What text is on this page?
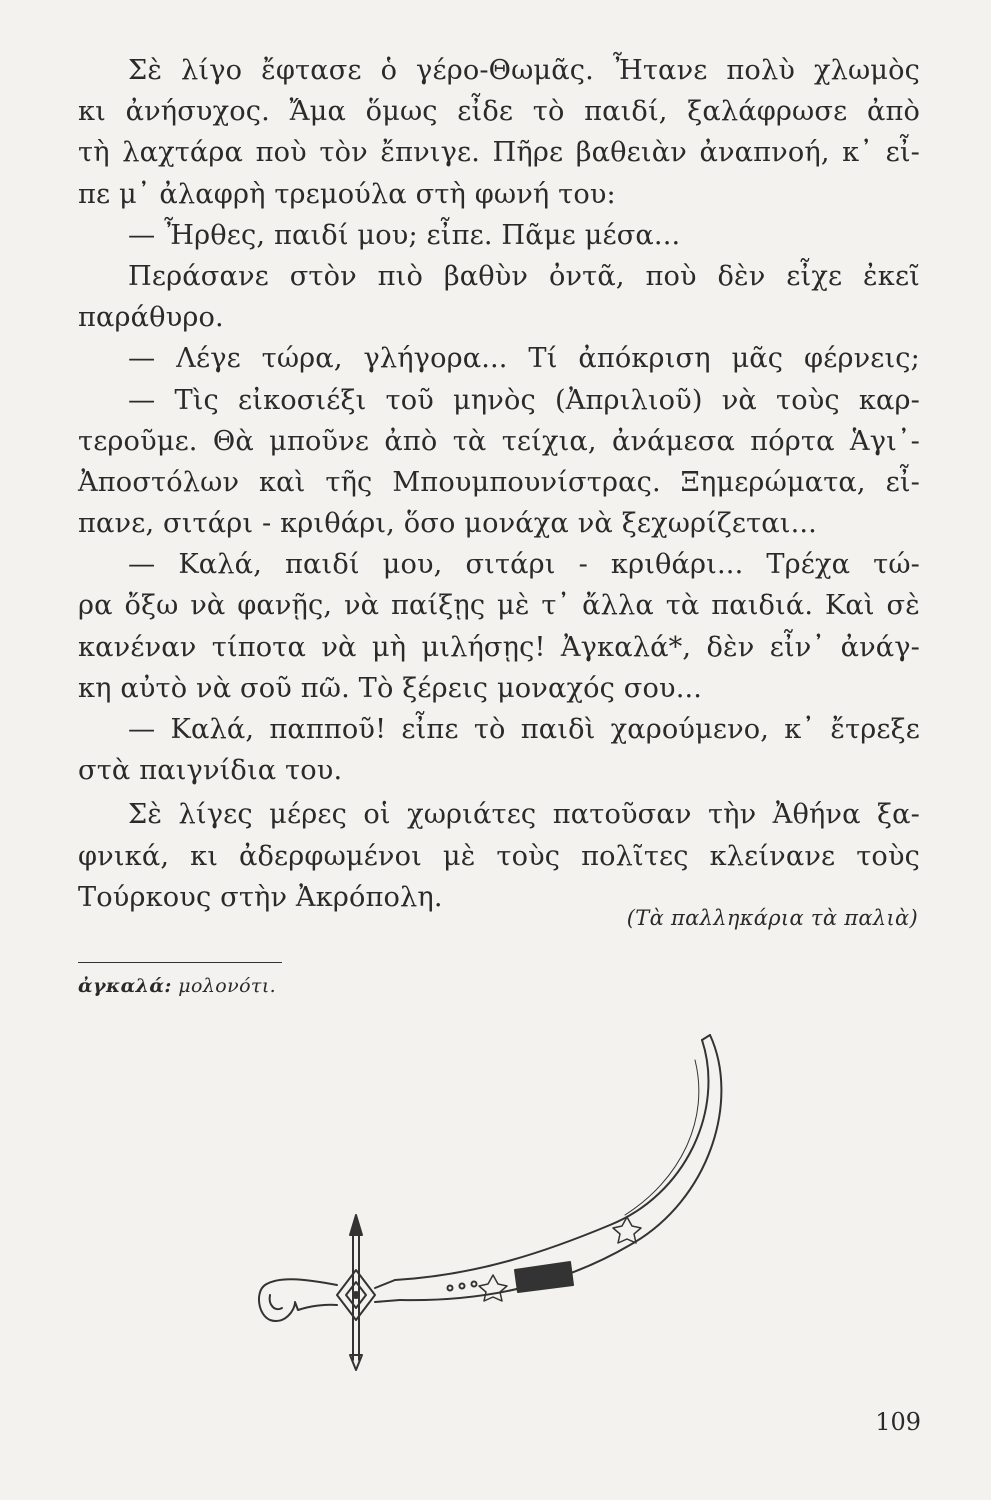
Σὲ λίγο ἔφτασε ὁ γέρο-Θωμᾶς. Ἦτανε πολὺ χλωμὸς
κι ἀνήσυχος. Ἄμα ὅμως εἶδε τὸ παιδί, ξαλάφρωσε ἀπὸ
τὴ λαχτάρα ποὺ τὸν ἔπνιγε. Πῆρε βαθειὰν ἀναπνοή, κ᾽ εἶ-
πε μ᾽ ἀλαφρὴ τρεμούλα στὴ φωνή του:
— Ἦρθες, παιδί μου; εἶπε. Πᾶμε μέσα...
Περάσανε στὸν πιὸ βαθὺν ὀντᾶ, ποὺ δὲν εἶχε ἐκεῖ
παράθυρο.
— Λέγε τώρα, γλήγορα... Τί ἀπόκριση μᾶς φέρνεις;
— Τὶς εἰκοσιέξι τοῦ μηνὸς (Ἀπριλιοῦ) νὰ τοὺς καρ-
τεροῦμε. Θὰ μποῦνε ἀπὸ τὰ τείχια, ἀνάμεσα πόρτα Ἁγι᾽-
Ἀποστόλων καὶ τῆς Μπουμπουνίστρας. Ξημερώματα, εἶ-
πανε, σιτάρι - κριθάρι, ὅσο μονάχα νὰ ξεχωρίζεται...
— Καλά, παιδί μου, σιτάρι - κριθάρι... Τρέχα τώ-
ρα ὄξω νὰ φανῇς, νὰ παίξῃς μὲ τ᾽ ἄλλα τὰ παιδιά. Καὶ σὲ
κανέναν τίποτα νὰ μὴ μιλήσῃς! Ἀγκαλά*, δὲν εἶν᾽ ἀνάγ-
κη αὐτὸ νὰ σοῦ πῶ. Τὸ ξέρεις μοναχός σου...
— Καλά, παπποῦ! εἶπε τὸ παιδὶ χαρούμενο, κ᾽ ἔτρεξε
στὰ παιγνίδια του.
Σὲ λίγες μέρες οἱ χωριάτες πατοῦσαν τὴν Ἀθήνα ξα-
φνικά, κι ἀδερφωμένοι μὲ τοὺς πολῖτες κλείνανε τοὺς
Τούρκους στὴν Ἀκρόπολη.
(Τὰ παλληκάρια τὰ παλιὰ)
ἀγκαλά: μολονότι.
109
